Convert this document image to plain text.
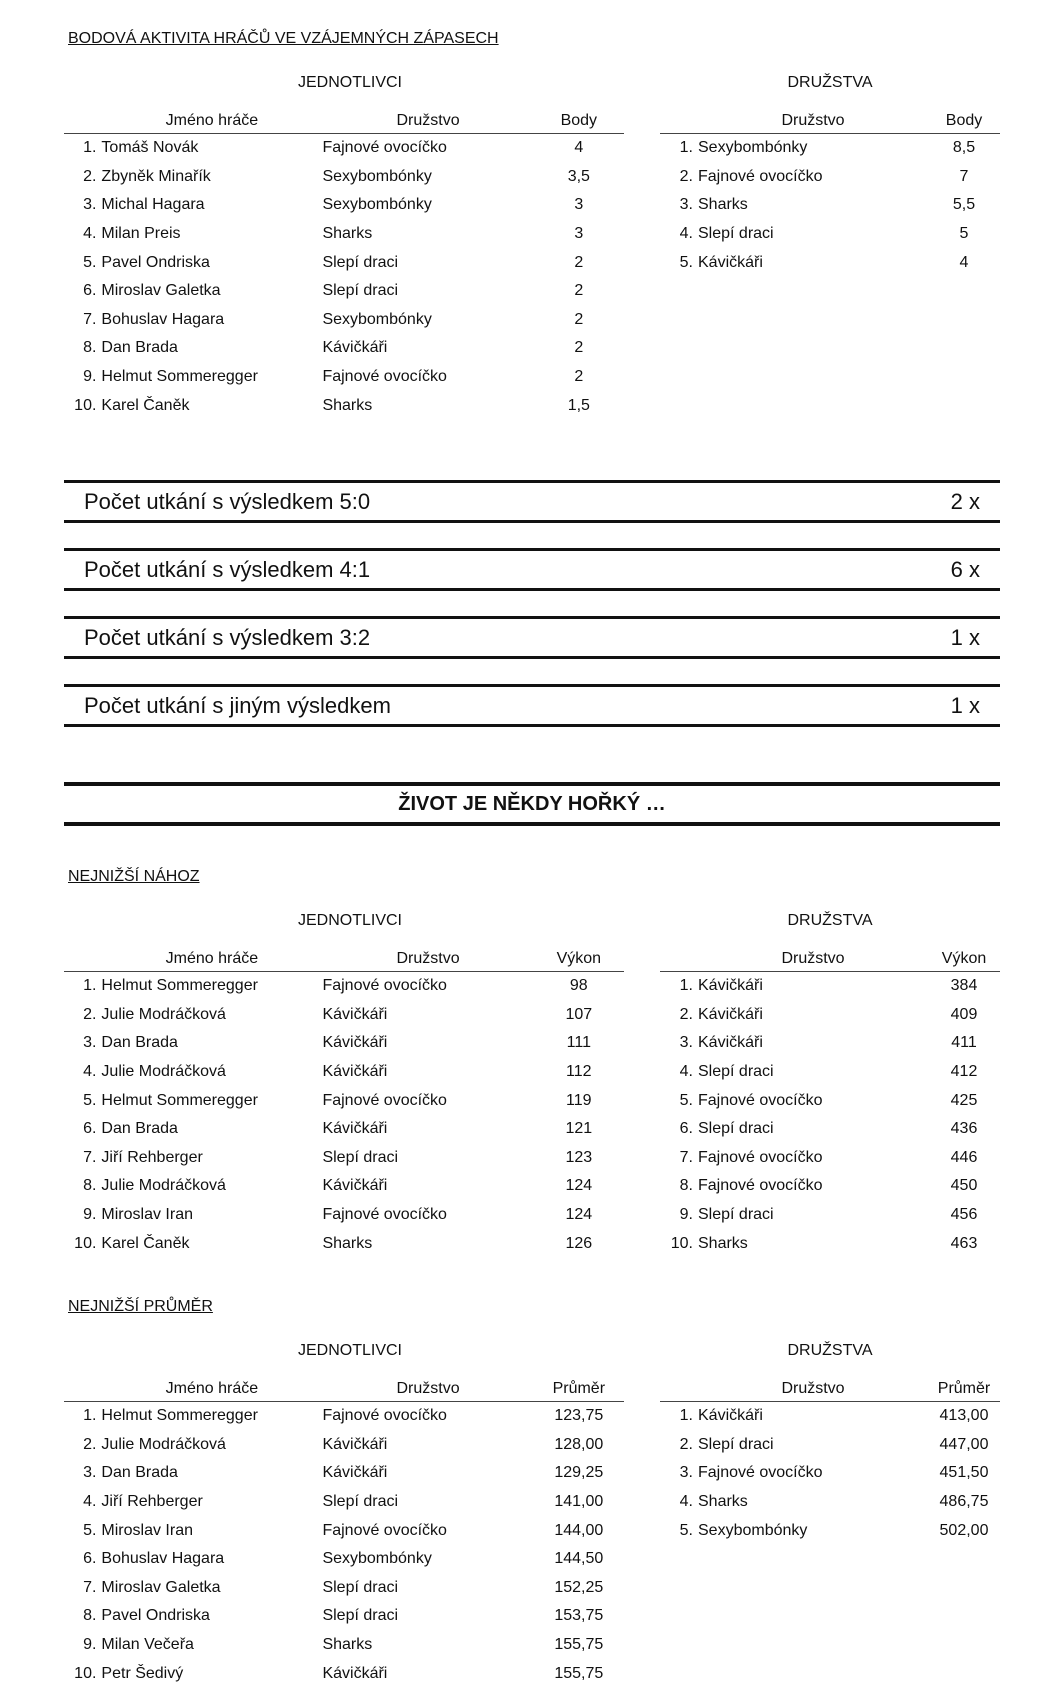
BODOVÁ AKTIVITA HRÁČŮ VE VZÁJEMNÝCH ZÁPASECH
JEDNOTLIVCI	DRUŽSTVA
Jméno hráče	Družstvo	Body
1. Tomáš Novák	Fajnové ovocíčko	4
2. Zbyněk Minařík	Sexybombónky	3,5
3. Michal Hagara	Sexybombónky	3
4. Milan Preis	Sharks	3
5. Pavel Ondriska	Slepí draci	2
6. Miroslav Galetka	Slepí draci	2
7. Bohuslav Hagara	Sexybombónky	2
8. Dan Brada	Kávičkáři	2
9. Helmut Sommeregger	Fajnové ovocíčko	2
10. Karel Čaněk	Sharks	1,5
Družstvo	Body
1. Sexybombónky	8,5
2. Fajnové ovocíčko	7
3. Sharks	5,5
4. Slepí draci	5
5. Kávičkáři	4
Počet utkání s výsledkem 5:0	2 x
Počet utkání s výsledkem 4:1	6 x
Počet utkání s výsledkem 3:2	1 x
Počet utkání s jiným výsledkem	1 x
ŽIVOT JE NĚKDY HOŘKÝ …
NEJNIŽŠÍ NÁHOZ
JEDNOTLIVCI	DRUŽSTVA
Jméno hráče	Družstvo	Výkon
1. Helmut Sommeregger	Fajnové ovocíčko	98
2. Julie Modráčková	Kávičkáři	107
3. Dan Brada	Kávičkáři	111
4. Julie Modráčková	Kávičkáři	112
5. Helmut Sommeregger	Fajnové ovocíčko	119
6. Dan Brada	Kávičkáři	121
7. Jiří Rehberger	Slepí draci	123
8. Julie Modráčková	Kávičkáři	124
9. Miroslav Iran	Fajnové ovocíčko	124
10. Karel Čaněk	Sharks	126
Družstvo	Výkon
1. Kávičkáři	384
2. Kávičkáři	409
3. Kávičkáři	411
4. Slepí draci	412
5. Fajnové ovocíčko	425
6. Slepí draci	436
7. Fajnové ovocíčko	446
8. Fajnové ovocíčko	450
9. Slepí draci	456
10. Sharks	463
NEJNIŽŠÍ PRŮMĚR
JEDNOTLIVCI	DRUŽSTVA
Jméno hráče	Družstvo	Průměr
1. Helmut Sommeregger	Fajnové ovocíčko	123,75
2. Julie Modráčková	Kávičkáři	128,00
3. Dan Brada	Kávičkáři	129,25
4. Jiří Rehberger	Slepí draci	141,00
5. Miroslav Iran	Fajnové ovocíčko	144,00
6. Bohuslav Hagara	Sexybombónky	144,50
7. Miroslav Galetka	Slepí draci	152,25
8. Pavel Ondriska	Slepí draci	153,75
9. Milan Večeřa	Sharks	155,75
10. Petr Šedivý	Kávičkáři	155,75
Družstvo	Průměr
1. Kávičkáři	413,00
2. Slepí draci	447,00
3. Fajnové ovocíčko	451,50
4. Sharks	486,75
5. Sexybombónky	502,00
